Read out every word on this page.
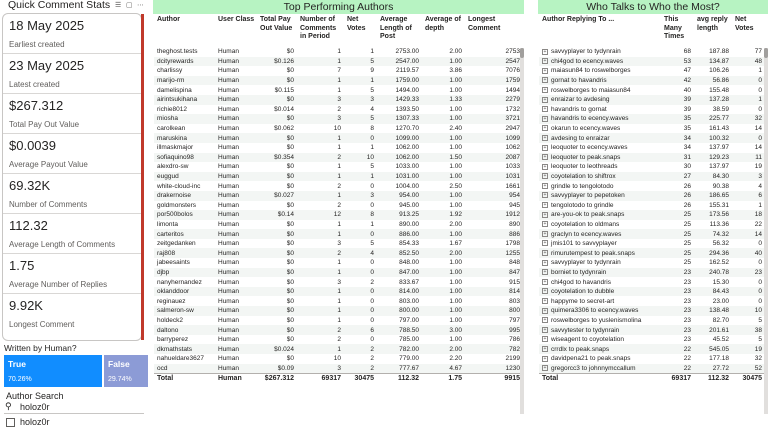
Quick Comment Stats ☰ ▢ ⋯
18 May 2025
Earliest created
23 May 2025
Latest created
$267.312
Total Pay Out Value
$0.0039
Average Payout Value
69.32K
Number of Comments
112.32
Average Length of Comments
1.75
Average Number of Replies
9.92K
Longest Comment
Written by Human?
True
70.26%
False
29.74%
Author Search
⚲ holoz0r
holoz0r
Top Performing Authors
Author	User Class	Total Pay Out Value	Number of Comments in Period	Net Votes	Average Length of Post	Average of depth	Longest Comment
theghost.tests	Human	$0	1	1	2753.00	2.00	2753
dcityrewards	Human	$0.126	1	5	2547.00	1.00	2547
charlissy	Human	$0	7	9	2119.57	3.86	7076
marijo-rm	Human	$0	1	1	1759.00	1.00	1759
damelispina	Human	$0.115	1	5	1494.00	1.00	1494
airintsukihana	Human	$0	3	3	1429.33	1.33	2279
richie8012	Human	$0.014	2	4	1393.50	1.00	1732
miosha	Human	$0	3	5	1307.33	1.00	3721
carolkean	Human	$0.062	10	8	1270.70	2.40	2947
maruskina	Human	$0	1	0	1099.00	1.00	1099
illmaskmajor	Human	$0	1	1	1062.00	1.00	1062
sofiaquino98	Human	$0.354	2	10	1062.00	1.50	2087
alexdro-sw	Human	$0	1	5	1033.00	1.00	1033
euggud	Human	$0	1	1	1031.00	1.00	1031
white-cloud-inc	Human	$0	2	0	1004.00	2.50	1661
drakernoise	Human	$0.027	1	3	954.00	1.00	954
goldmonsters	Human	$0	2	0	945.00	1.00	945
por500bolos	Human	$0.14	12	8	913.25	1.92	1912
limonta	Human	$0	1	1	890.00	2.00	890
carteritos	Human	$0	1	0	886.00	1.00	886
zeitgedanken	Human	$0	3	5	854.33	1.67	1798
raj808	Human	$0	2	4	852.50	2.00	1255
jabeesaints	Human	$0	1	0	848.00	1.00	848
djbp	Human	$0	1	0	847.00	1.00	847
nanyhernandez	Human	$0	3	2	833.67	1.00	915
oklanddoor	Human	$0	1	0	814.00	1.00	814
reginauez	Human	$0	1	0	803.00	1.00	803
salmeron-sw	Human	$0	1	0	800.00	1.00	800
holdeck2	Human	$0	1	0	797.00	1.00	797
daltono	Human	$0	2	6	788.50	3.00	995
barryperez	Human	$0	2	0	785.00	1.00	786
dkmathstats	Human	$0.024	1	2	782.00	2.00	782
nahueldare3627	Human	$0	10	2	779.00	2.20	2199
ocd	Human	$0.09	3	2	777.67	4.67	1230
Total	Human	$267.312	69317	30475	112.32	1.75	9915
Who Talks to Who the Most?
Author Replying To ...	This Many Times	avg reply length	Net Votes
+ savvyplayer to tydynrain	68	187.88	77
+ chi4god to ecency.waves	53	134.87	48
+ maiasun84 to roswelborges	47	106.26	1
+ gornat to havandris	42	56.86	0
+ roswelborges to maiasun84	40	155.48	0
+ enraizar to avdesing	39	137.28	1
+ havandris to gornat	39	38.59	0
+ havandris to ecency.waves	35	225.77	32
+ okarun to ecency.waves	35	161.43	14
+ avdesing to enraizar	34	100.32	0
+ leoquoter to ecency.waves	34	137.97	14
+ leoquoter to peak.snaps	31	129.23	11
+ leoquoter to leothreads	30	137.97	19
+ coyotelation to shiftrox	27	84.30	3
+ grindle to tengolotodo	26	90.38	4
+ savvyplayer to pepetoken	26	186.65	6
+ tengolotodo to grindle	26	155.31	1
+ are-you-ok to peak.snaps	25	173.56	18
+ coyotelation to oldmans	25	113.36	22
+ graclyn to ecency.waves	25	74.32	14
+ jmis101 to savvyplayer	25	56.32	0
+ rimurutempest to peak.snaps	25	294.36	40
+ savvyplayer to tydynrain	25	162.52	0
+ borniet to tydynrain	23	240.78	23
+ chi4god to havandris	23	15.30	0
+ coyotelation to dubble	23	84.43	0
+ happyme to secret-art	23	23.00	0
+ quimera3306 to ecency.waves	23	138.48	10
+ roswelborges to yuslenismolina	23	82.70	5
+ savvytester to tydynrain	23	201.61	38
+ wiseagent to coyotelation	23	45.52	5
+ crrdlx to peak.snaps	22	545.05	19
+ davidpena21 to peak.snaps	22	177.18	32
+ gregorcc3 to johnnymccallum	22	27.72	52
Total	69317	112.32	30475
